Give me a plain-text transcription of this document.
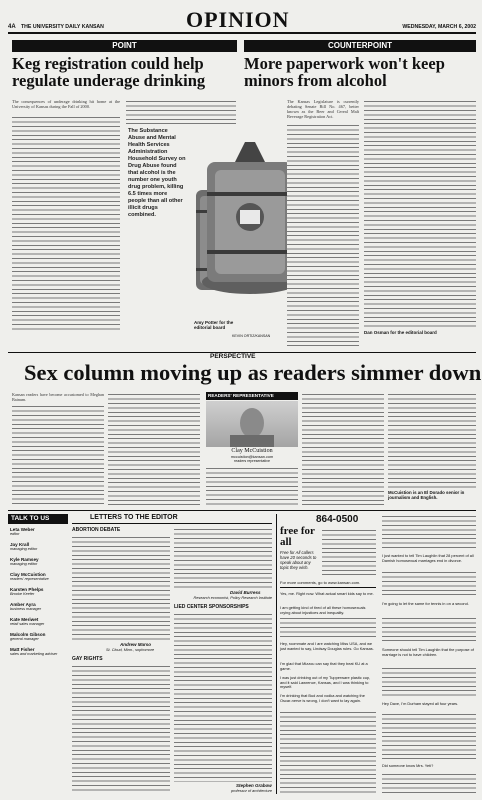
4A THE UNIVERSITY DAILY KANSAN	OPINION	WEDNESDAY, MARCH 6, 2002
POINT
Keg registration could help regulate underage drinking
The consequences of underage drinking hit home at the University of Kansas during the Fall of 2000.
The Substance Abuse and Mental Health Services Administration Household Survey on Drug Abuse found that alcohol is the number one youth drug problem, killing 6.5 times more people than all other illicit drugs combined.
Amy Potter for the editorial board
KEVIN ORTIZ/KANSAN
COUNTERPOINT
More paperwork won't keep minors from alcohol
The Kansas Legislature is currently debating Senate Bill No. 467, better known as the Beer and Cereal Malt Beverage Registration Act.
Dan Osman for the editorial board
PERSPECTIVE
Sex column moving up as readers simmer down
Kansan readers have become accustomed to Meghan Bainum.
READERS' REPRESENTATIVE
Clay McCuistion
mccuistion@kansan.com
readers representative
McCuistion is an El Dorado senior in journalism and English.
TALK TO US
Leta Weber
editor
Jay Krall
managing editor
Kyle Ramsey
managing editor
Clay McCuistion
readers' representative
Karsten Phelps
Brooke Keefer
Amber Ayra
business manager
Kate Meriwet
retail sales manager
Malcolm Gibson
general manager
Matt Fisher
sales and marketing adviser
LETTERS TO THE EDITOR
ABORTION DEBATE
Andrew Marso
St. Cloud, Minn., sophomore
GAY RIGHTS
David Burress
Research economist, Policy Research Institute
LIED CENTER SPONSORSHIPS
Stephen Grabow
professor of architecture
864-0500
free for all
Free for All callers have 20 seconds to speak about any topic they wish.
For more comments, go to www.kansan.com.
Yes, me. Right now. What actual smart kids say to me.
I am getting kind of tired of all these homosexuals crying about injustices and inequality.
Hey, roommate and I are watching Miss USA, and we just wanted to say, Lindsay Douglas rules. Go Kansas.
I'm glad that Mizzou can say that they beat KU at a game.
I was just drinking out of my Tupperware plastic cup, and it said Lawrence, Kansas, and I was thinking to myself.
I'm drinking that Bud and vodka and watching the Oscar-nerve is wrong, I don't want to lay again.
I just wanted to tell Tim Laughlin that 28 percent of all Damish homosexual marriages end in divorce.
I'm going to let the same for tennis in on a second.
Someone should tell Tim Laughlin that the purpose of marriage is not to have children.
Hey Dave, I'm Durham stayed all four years.
Did someone know Mrs. Yeti?
